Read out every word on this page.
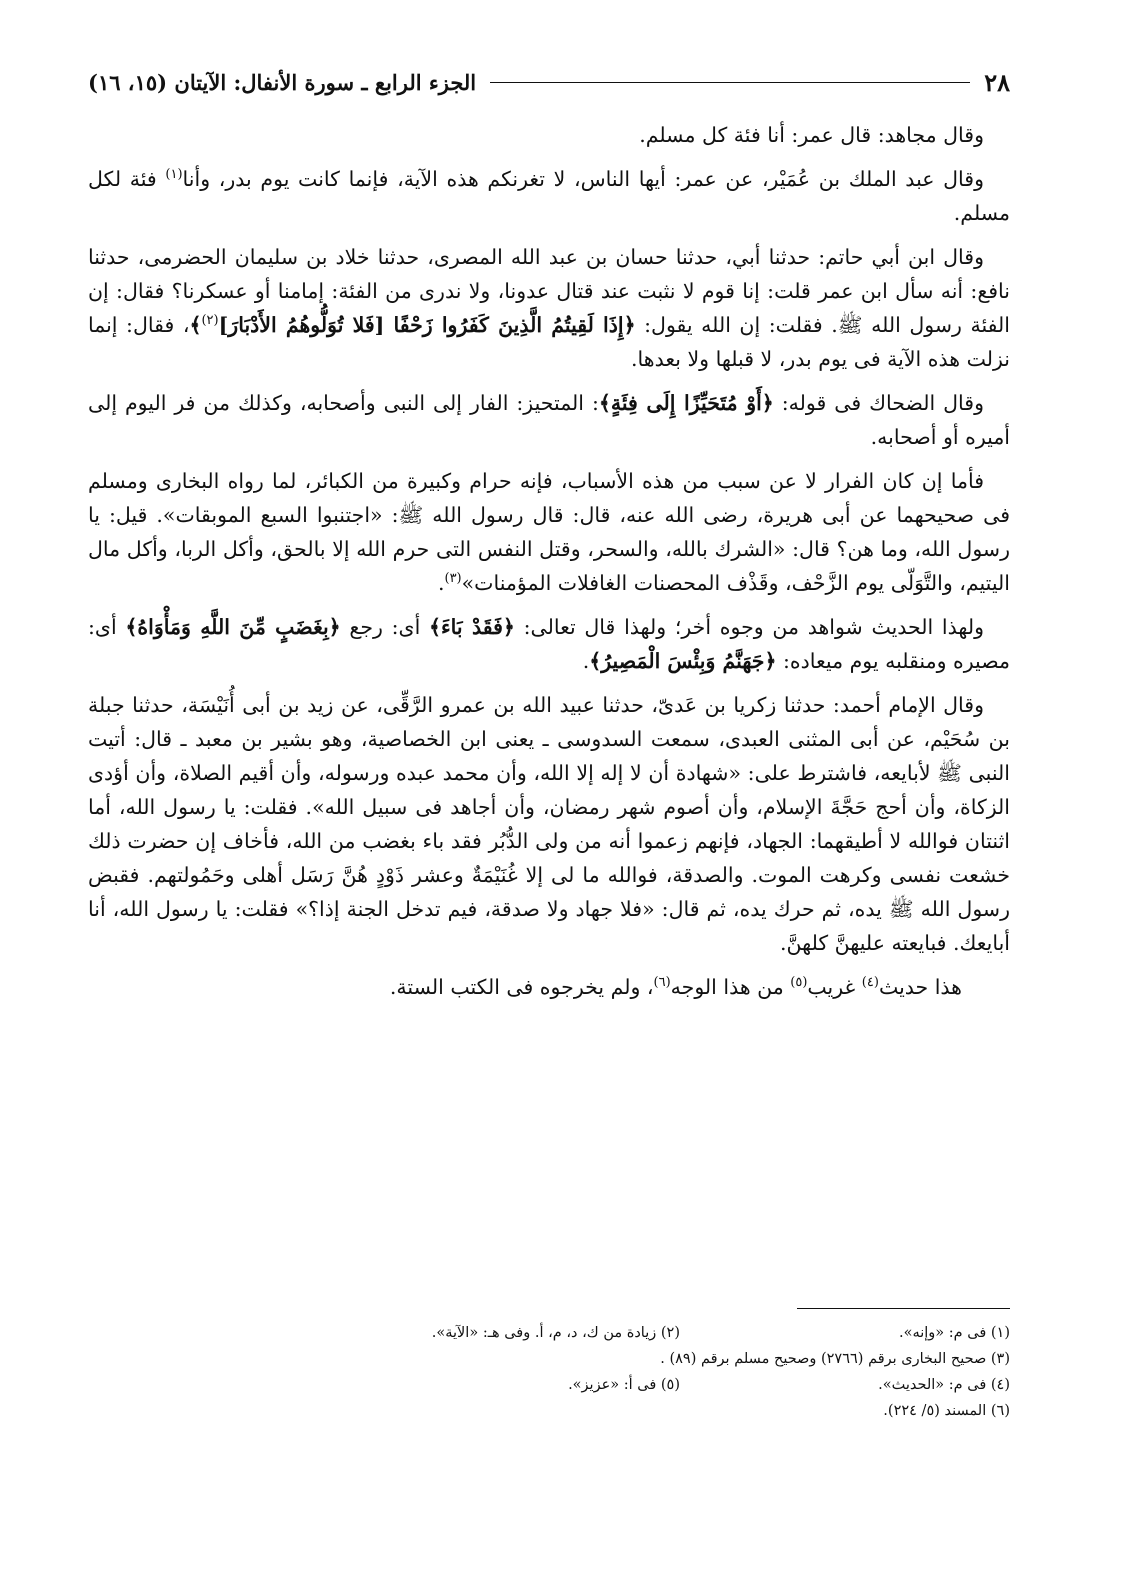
٢٨
الجزء الرابع ـ سورة الأنفال: الآيتان (١٥، ١٦)

وقال مجاهد: قال عمر: أنا فئة كل مسلم.

وقال عبد الملك بن عُمَيْر، عن عمر: أيها الناس، لا تغرنكم هذه الآية، فإنما كانت يوم بدر، وأنا$^{(١)}$ فئة لكل مسلم.

وقال ابن أبي حاتم: حدثنا أبي، حدثنا حسان بن عبد الله المصرى، حدثنا خلاد بن سليمان الحضرمى، حدثنا نافع: أنه سأل ابن عمر قلت: إنا قوم لا نثبت عند قتال عدونا، ولا ندرى من الفئة: إمامنا أو عسكرنا؟ فقال: إن الفئة رسول الله ﷺ. فقلت: إن الله يقول: ﴿إِذَا لَقِيتُمُ الَّذِينَ كَفَرُوا زَحْفًا [فَلا تُوَلُّوهُمُ الأَدْبَارَ]$^{(٢)}$﴾، فقال: إنما نزلت هذه الآية فى يوم بدر، لا قبلها ولا بعدها.

وقال الضحاك فى قوله: ﴿أَوْ مُتَحَيِّزًا إِلَى فِئَةٍ﴾: المتحيز: الفار إلى النبى وأصحابه، وكذلك من فر اليوم إلى أميره أو أصحابه.

فأما إن كان الفرار لا عن سبب من هذه الأسباب، فإنه حرام وكبيرة من الكبائر، لما رواه البخارى ومسلم فى صحيحهما عن أبى هريرة، رضى الله عنه، قال: قال رسول الله ﷺ: «اجتنبوا السبع الموبقات». قيل: يا رسول الله، وما هن؟ قال: «الشرك بالله، والسحر، وقتل النفس التى حرم الله إلا بالحق، وأكل الربا، وأكل مال اليتيم، والتَّوَلّى يوم الزَّحْف، وقَذْف المحصنات الغافلات المؤمنات»$^{(٣)}$.

ولهذا الحديث شواهد من وجوه أخر؛ ولهذا قال تعالى: ﴿فَقَدْ بَاءَ﴾ أى: رجع ﴿بِغَضَبٍ مِّنَ اللَّهِ وَمَأْوَاهُ﴾ أى: مصيره ومنقلبه يوم ميعاده: ﴿جَهَنَّمُ وَبِئْسَ الْمَصِيرُ﴾.

وقال الإمام أحمد: حدثنا زكريا بن عَدىّ، حدثنا عبيد الله بن عمرو الرَّقِّى، عن زيد بن أبى أُنَيْسَة، حدثنا جبلة بن سُحَيْم، عن أبى المثنى العبدى، سمعت السدوسى ـ يعنى ابن الخصاصية، وهو بشير بن معبد ـ قال: أتيت النبى ﷺ لأبايعه، فاشترط على: «شهادة أن لا إله إلا الله، وأن محمد عبده ورسوله، وأن أقيم الصلاة، وأن أؤدى الزكاة، وأن أحج حَجَّةَ الإسلام، وأن أصوم شهر رمضان، وأن أجاهد فى سبيل الله». فقلت: يا رسول الله، أما اثنتان فوالله لا أطيقهما: الجهاد، فإنهم زعموا أنه من ولى الدُّبُر فقد باء بغضب من الله، فأخاف إن حضرت ذلك خشعت نفسى وكرهت الموت. والصدقة، فوالله ما لى إلا غُنَيْمَةٌ وعشر ذَوْدٍ هُنَّ رَسَل أهلى وحَمُولتهم. فقبض رسول الله ﷺ يده، ثم حرك يده، ثم قال: «فلا جهاد ولا صدقة، فيم تدخل الجنة إذا؟» فقلت: يا رسول الله، أنا أبايعك. فبايعته عليهنَّ كلهنَّ.

هذا حديث$^{(٤)}$ غريب$^{(٥)}$ من هذا الوجه$^{(٦)}$، ولم يخرجوه فى الكتب الستة.

(١) فى م: «وإنه».
(٢) زيادة من ك، د، م، أ. وفى هـ: «الآية».
(٣) صحيح البخارى برقم (٢٧٦٦) وصحيح مسلم برقم (٨٩) .
(٤) فى م: «الحديث».
(٥) فى أ: «عزيز».
(٦) المسند (٥/ ٢٢٤).
